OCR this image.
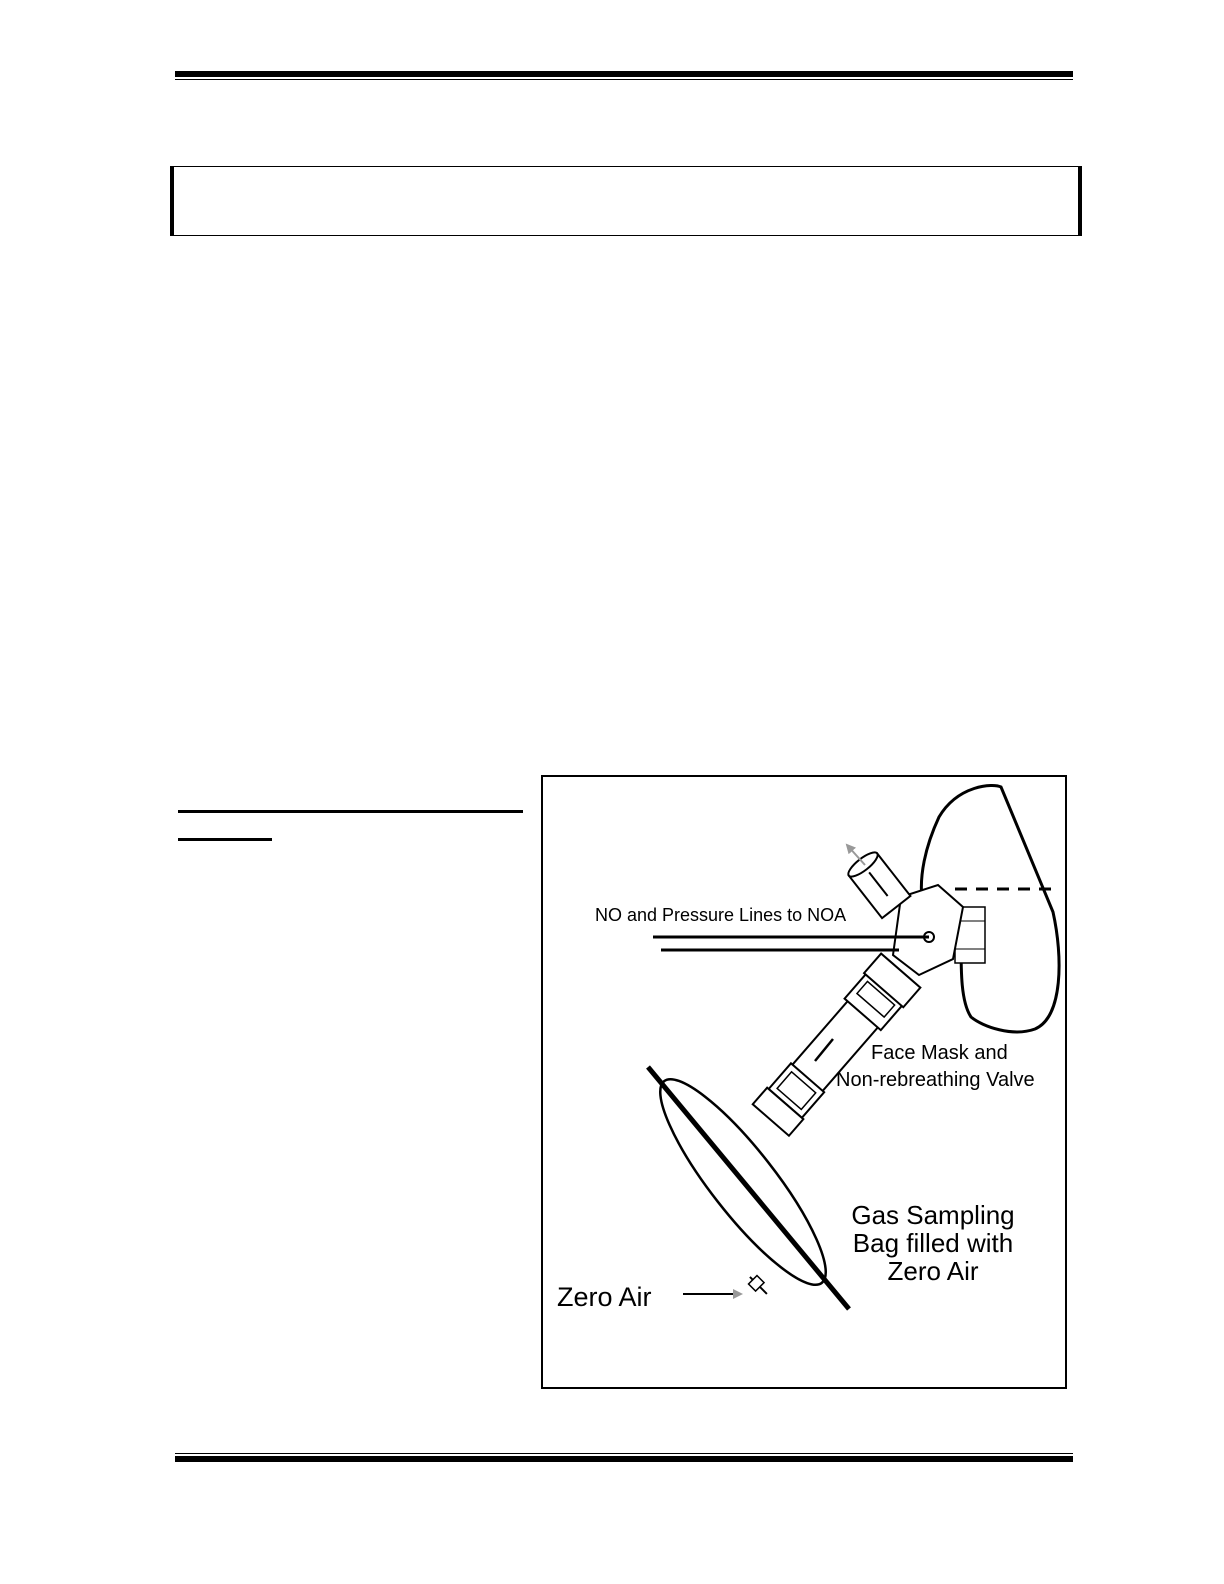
NO and Pressure Lines to NOA
Face Mask and
Non-rebreathing Valve
Gas Sampling
Bag filled with
Zero Air
Zero Air
